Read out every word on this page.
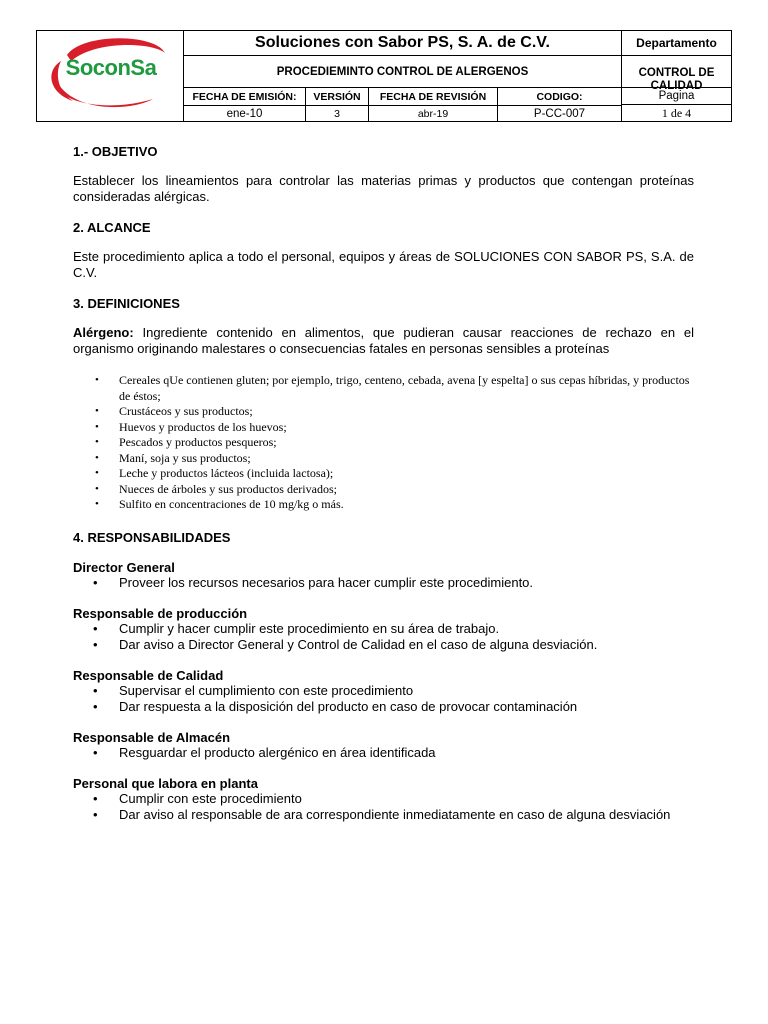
SoconSa
Soluciones con Sabor PS, S. A. de C.V.	Departamento
PROCEDIEMINTO CONTROL DE ALERGENOS	CONTROL DE CALIDAD
FECHA DE EMISIÓN:	VERSIÓN	FECHA DE REVISIÓN	CODIGO:	Pagina
ene-10	3	abr-19	P-CC-007	1 de 4
1.- OBJETIVO
Establecer los lineamientos para controlar las materias primas y productos que contengan proteínas consideradas alérgicas.
2. ALCANCE
Este procedimiento aplica a todo el personal, equipos y áreas de SOLUCIONES CON SABOR PS, S.A. de C.V.
3. DEFINICIONES
Alérgeno: Ingrediente contenido en alimentos, que pudieran causar reacciones de rechazo en el organismo originando malestares o consecuencias fatales en personas sensibles a proteínas
• Cereales qUe contienen gluten; por ejemplo, trigo, centeno, cebada, avena [y espelta] o sus cepas híbridas, y productos de éstos;
• Crustáceos y sus productos;
• Huevos y productos de los huevos;
• Pescados y productos pesqueros;
• Maní, soja y sus productos;
• Leche y productos lácteos (incluida lactosa);
• Nueces de árboles y sus productos derivados;
• Sulfito en concentraciones de 10 mg/kg o más.
4. RESPONSABILIDADES
Director General
• Proveer los recursos necesarios para hacer cumplir este procedimiento.
Responsable de producción
• Cumplir y hacer cumplir este procedimiento en su área de trabajo.
• Dar aviso a Director General y Control de Calidad en el caso de alguna desviación.
Responsable de Calidad
• Supervisar el cumplimiento con este procedimiento
• Dar respuesta a la disposición del producto en caso de provocar contaminación
Responsable de Almacén
• Resguardar el producto alergénico en área identificada
Personal que labora en planta
• Cumplir con este procedimiento
• Dar aviso al responsable de ara correspondiente inmediatamente en caso de alguna desviación
